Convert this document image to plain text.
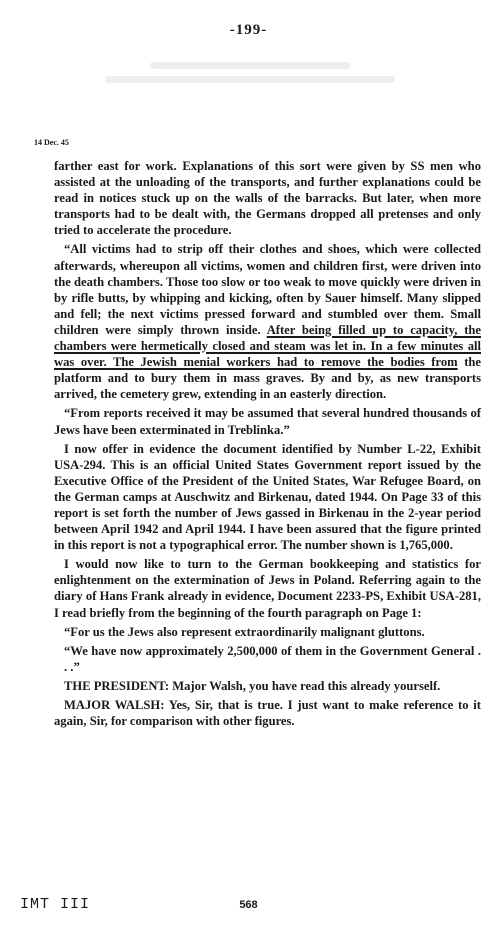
-199-
14 Dec. 45

farther east for work. Explanations of this sort were given by SS men who assisted at the unloading of the transports, and further explanations could be read in notices stuck up on the walls of the barracks. But later, when more transports had to be dealt with, the Germans dropped all pretenses and only tried to accelerate the procedure.

“All victims had to strip off their clothes and shoes, which were collected afterwards, whereupon all victims, women and children first, were driven into the death chambers. Those too slow or too weak to move quickly were driven in by rifle butts, by whipping and kicking, often by Sauer himself. Many slipped and fell; the next victims pressed forward and stumbled over them. Small children were simply thrown inside. After being filled up to capacity, the chambers were hermetically closed and steam was let in. In a few minutes all was over. The Jewish menial workers had to remove the bodies from the platform and to bury them in mass graves. By and by, as new transports arrived, the cemetery grew, extending in an easterly direction.

“From reports received it may be assumed that several hundred thousands of Jews have been exterminated in Treblinka.”

I now offer in evidence the document identified by Number L-22, Exhibit USA-294. This is an official United States Government report issued by the Executive Office of the President of the United States, War Refugee Board, on the German camps at Auschwitz and Birkenau, dated 1944. On Page 33 of this report is set forth the number of Jews gassed in Birkenau in the 2-year period between April 1942 and April 1944. I have been assured that the figure printed in this report is not a typographical error. The number shown is 1,765,000.

I would now like to turn to the German bookkeeping and statistics for enlightenment on the extermination of Jews in Poland. Referring again to the diary of Hans Frank already in evidence, Document 2233-PS, Exhibit USA-281, I read briefly from the beginning of the fourth paragraph on Page 1:

“For us the Jews also represent extraordinarily malignant gluttons.

“We have now approximately 2,500,000 of them in the Government General . . .”

THE PRESIDENT: Major Walsh, you have read this already yourself.

MAJOR WALSH: Yes, Sir, that is true. I just want to make reference to it again, Sir, for comparison with other figures.

IMT III	568
